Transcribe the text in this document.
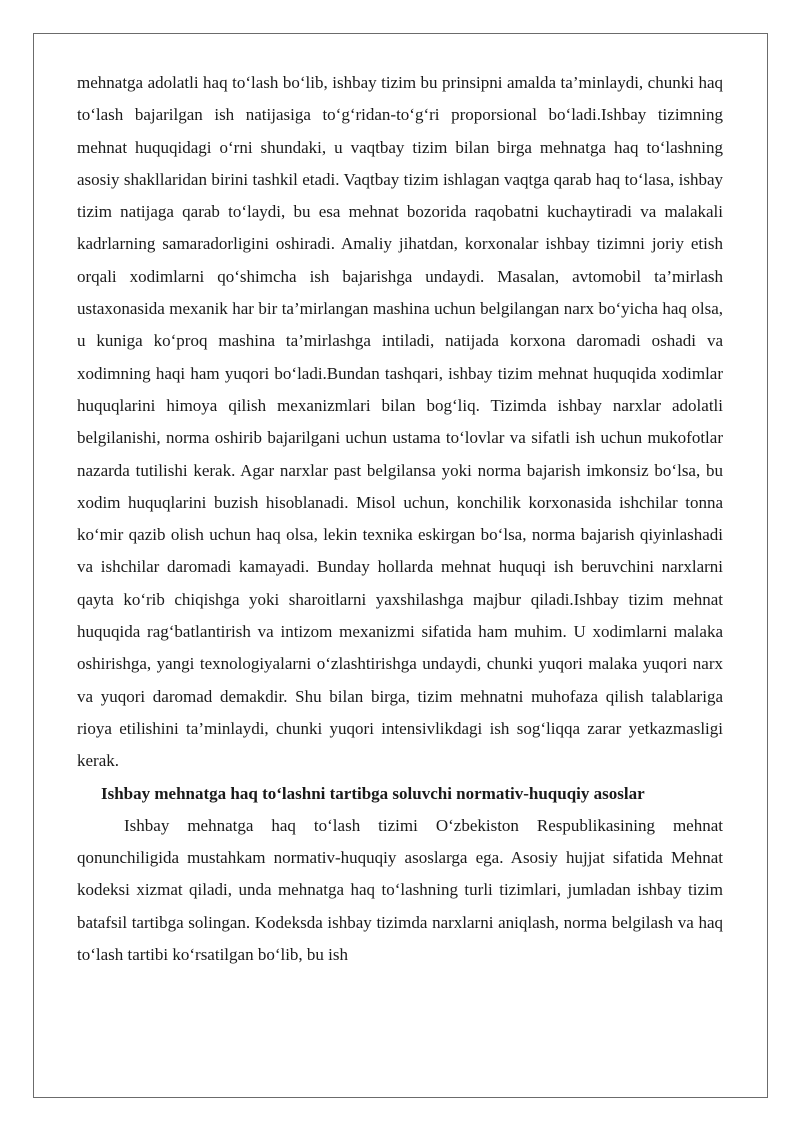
mehnatga adolatli haq to‘lash bo‘lib, ishbay tizim bu prinsipni amalda ta’minlaydi, chunki haq to‘lash bajarilgan ish natijasiga to‘g‘ridan-to‘g‘ri proporsional bo‘ladi.Ishbay tizimning mehnat huquqidagi o‘rni shundaki, u vaqtbay tizim bilan birga mehnatga haq to‘lashning asosiy shakllaridan birini tashkil etadi. Vaqtbay tizim ishlagan vaqtga qarab haq to‘lasa, ishbay tizim natijaga qarab to‘laydi, bu esa mehnat bozorida raqobatni kuchaytiradi va malakali kadrlarning samaradorligini oshiradi. Amaliy jihatdan, korxonalar ishbay tizimni joriy etish orqali xodimlarni qo‘shimcha ish bajarishga undaydi. Masalan, avtomobil ta’mirlash ustaxonasida mexanik har bir ta’mirlangan mashina uchun belgilangan narx bo‘yicha haq olsa, u kuniga ko‘proq mashina ta’mirlashga intiladi, natijada korxona daromadi oshadi va xodimning haqi ham yuqori bo‘ladi.Bundan tashqari, ishbay tizim mehnat huquqida xodimlar huquqlarini himoya qilish mexanizmlari bilan bog‘liq. Tizimda ishbay narxlar adolatli belgilanishi, norma oshirib bajarilgani uchun ustama to‘lovlar va sifatli ish uchun mukofotlar nazarda tutilishi kerak. Agar narxlar past belgilansa yoki norma bajarish imkonsiz bo‘lsa, bu xodim huquqlarini buzish hisoblanadi. Misol uchun, konchilik korxonasida ishchilar tonna ko‘mir qazib olish uchun haq olsa, lekin texnika eskirgan bo‘lsa, norma bajarish qiyinlashadi va ishchilar daromadi kamayadi. Bunday hollarda mehnat huquqi ish beruvchini narxlarni qayta ko‘rib chiqishga yoki sharoitlarni yaxshilashga majbur qiladi.Ishbay tizim mehnat huquqida rag‘batlantirish va intizom mexanizmi sifatida ham muhim. U xodimlarni malaka oshirishga, yangi texnologiyalarni o‘zlashtirishga undaydi, chunki yuqori malaka yuqori narx va yuqori daromad demakdir. Shu bilan birga, tizim mehnatni muhofaza qilish talablariga rioya etilishini ta’minlaydi, chunki yuqori intensivlikdagi ish sog‘liqqa zarar yetkazmasligi kerak.

Ishbay mehnatga haq to‘lashni tartibga soluvchi normativ-huquqiy asoslar

Ishbay mehnatga haq to‘lash tizimi O‘zbekiston Respublikasining mehnat qonunchiligida mustahkam normativ-huquqiy asoslarga ega. Asosiy hujjat sifatida Mehnat kodeksi xizmat qiladi, unda mehnatga haq to‘lashning turli tizimlari, jumladan ishbay tizim batafsil tartibga solingan. Kodeksda ishbay tizimda narxlarni aniqlash, norma belgilash va haq to‘lash tartibi ko‘rsatilgan bo‘lib, bu ish
